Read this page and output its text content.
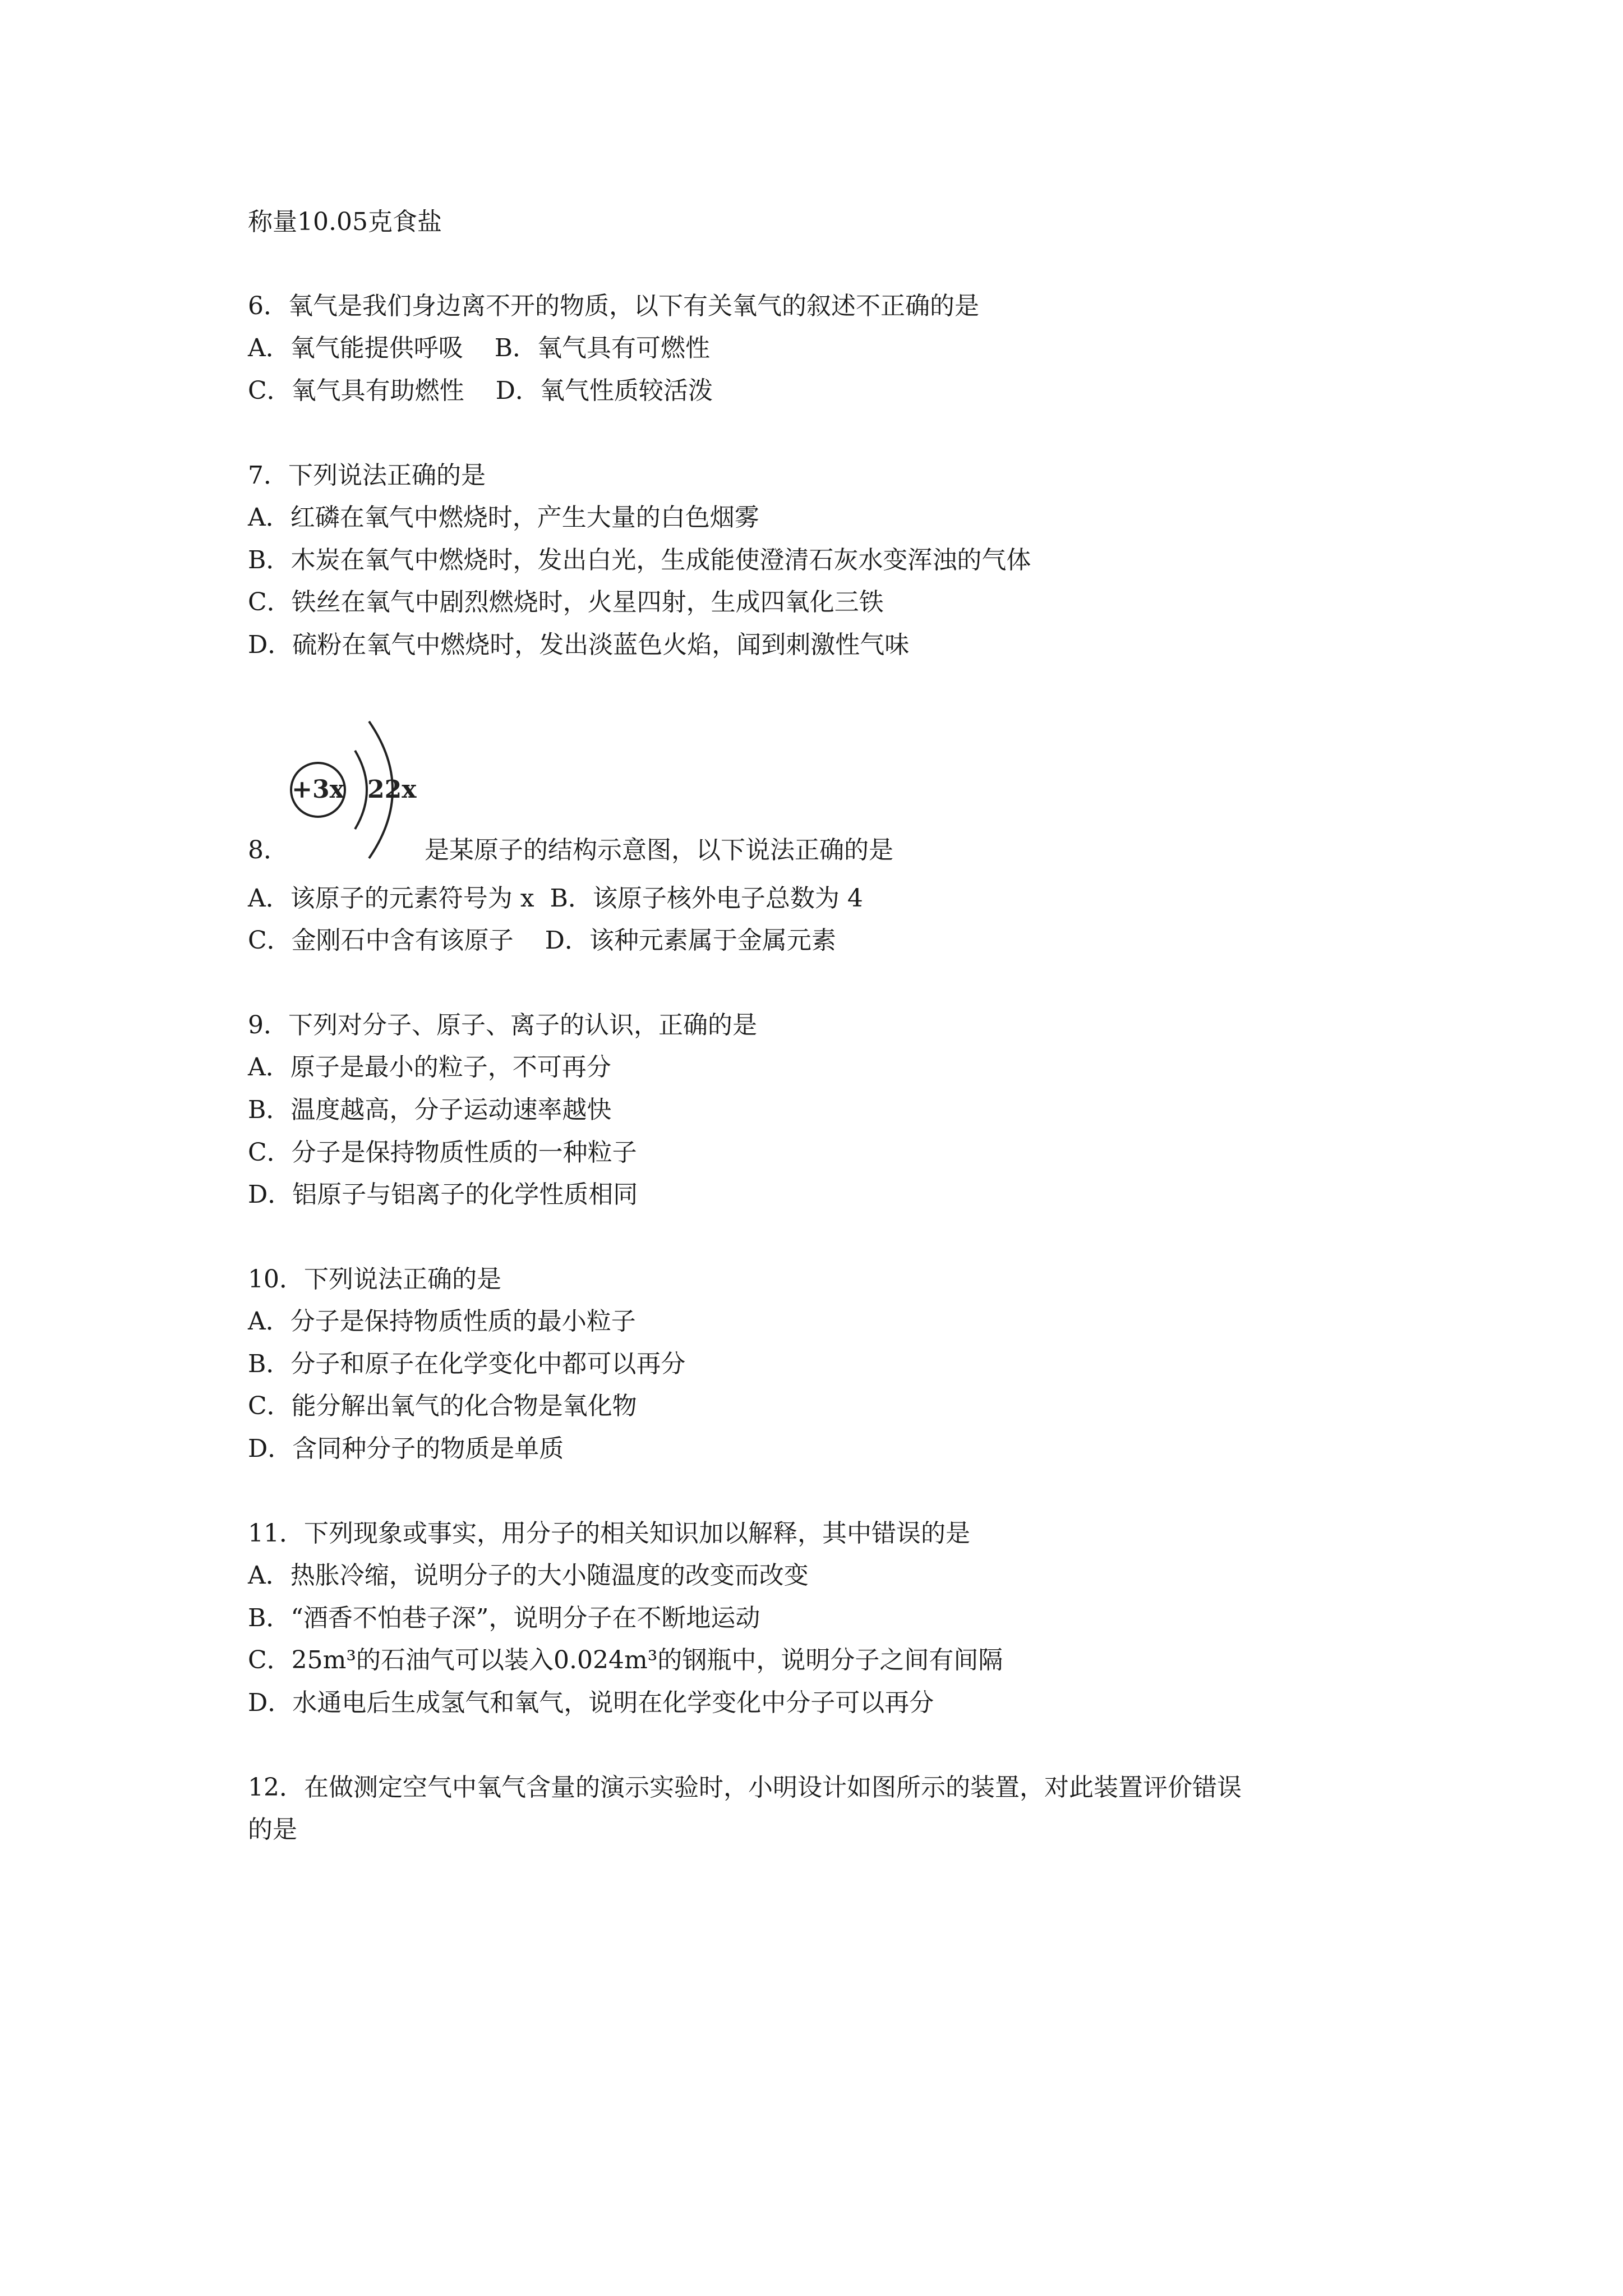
称量10.05克食盐
6．氧气是我们身边离不开的物质，以下有关氧气的叙述不正确的是
A．氧气能提供呼吸    B．氧气具有可燃性
C．氧气具有助燃性    D．氧气性质较活泼
7．下列说法正确的是
A．红磷在氧气中燃烧时，产生大量的白色烟雾
B．木炭在氧气中燃烧时，发出白光，生成能使澄清石灰水变浑浊的气体
C．铁丝在氧气中剧烈燃烧时，火星四射，生成四氧化三铁
D．硫粉在氧气中燃烧时，发出淡蓝色火焰，闻到刺激性气味
+3x 22x
8．	是某原子的结构示意图，以下说法正确的是
A．该原子的元素符号为 x  B．该原子核外电子总数为 4
C．金刚石中含有该原子    D．该种元素属于金属元素
9．下列对分子、原子、离子的认识，正确的是
A．原子是最小的粒子，不可再分
B．温度越高，分子运动速率越快
C．分子是保持物质性质的一种粒子
D．铝原子与铝离子的化学性质相同
10．下列说法正确的是
A．分子是保持物质性质的最小粒子
B．分子和原子在化学变化中都可以再分
C．能分解出氧气的化合物是氧化物
D．含同种分子的物质是单质
11．下列现象或事实，用分子的相关知识加以解释，其中错误的是
A．热胀冷缩，说明分子的大小随温度的改变而改变
B．“酒香不怕巷子深”，说明分子在不断地运动
C．25m³的石油气可以装入0.024m³的钢瓶中，说明分子之间有间隔
D．水通电后生成氢气和氧气，说明在化学变化中分子可以再分
12．在做测定空气中氧气含量的演示实验时，小明设计如图所示的装置，对此装置评价错误
的是
